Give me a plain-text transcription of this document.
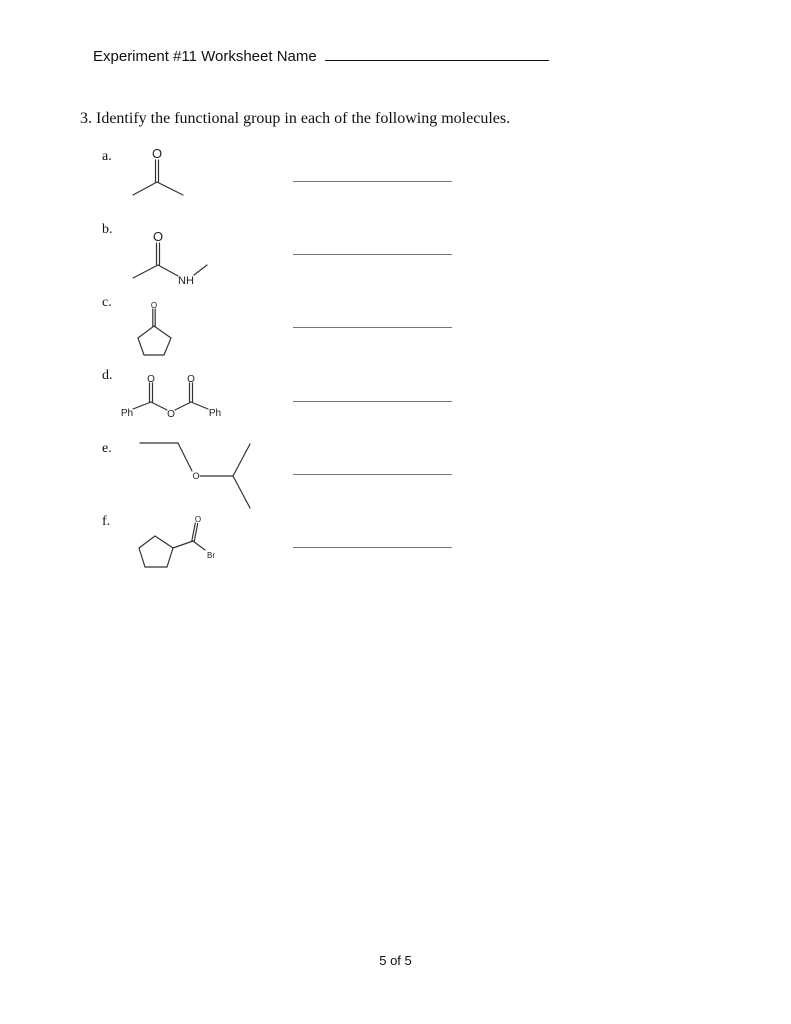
Experiment #11 Worksheet Name
3. Identify the functional group in each of the following molecules.
a.
b.
c.
d.
e.
f.
O
O
NH
O
O	O
O
Ph	Ph
O
O
Br
5 of 5
